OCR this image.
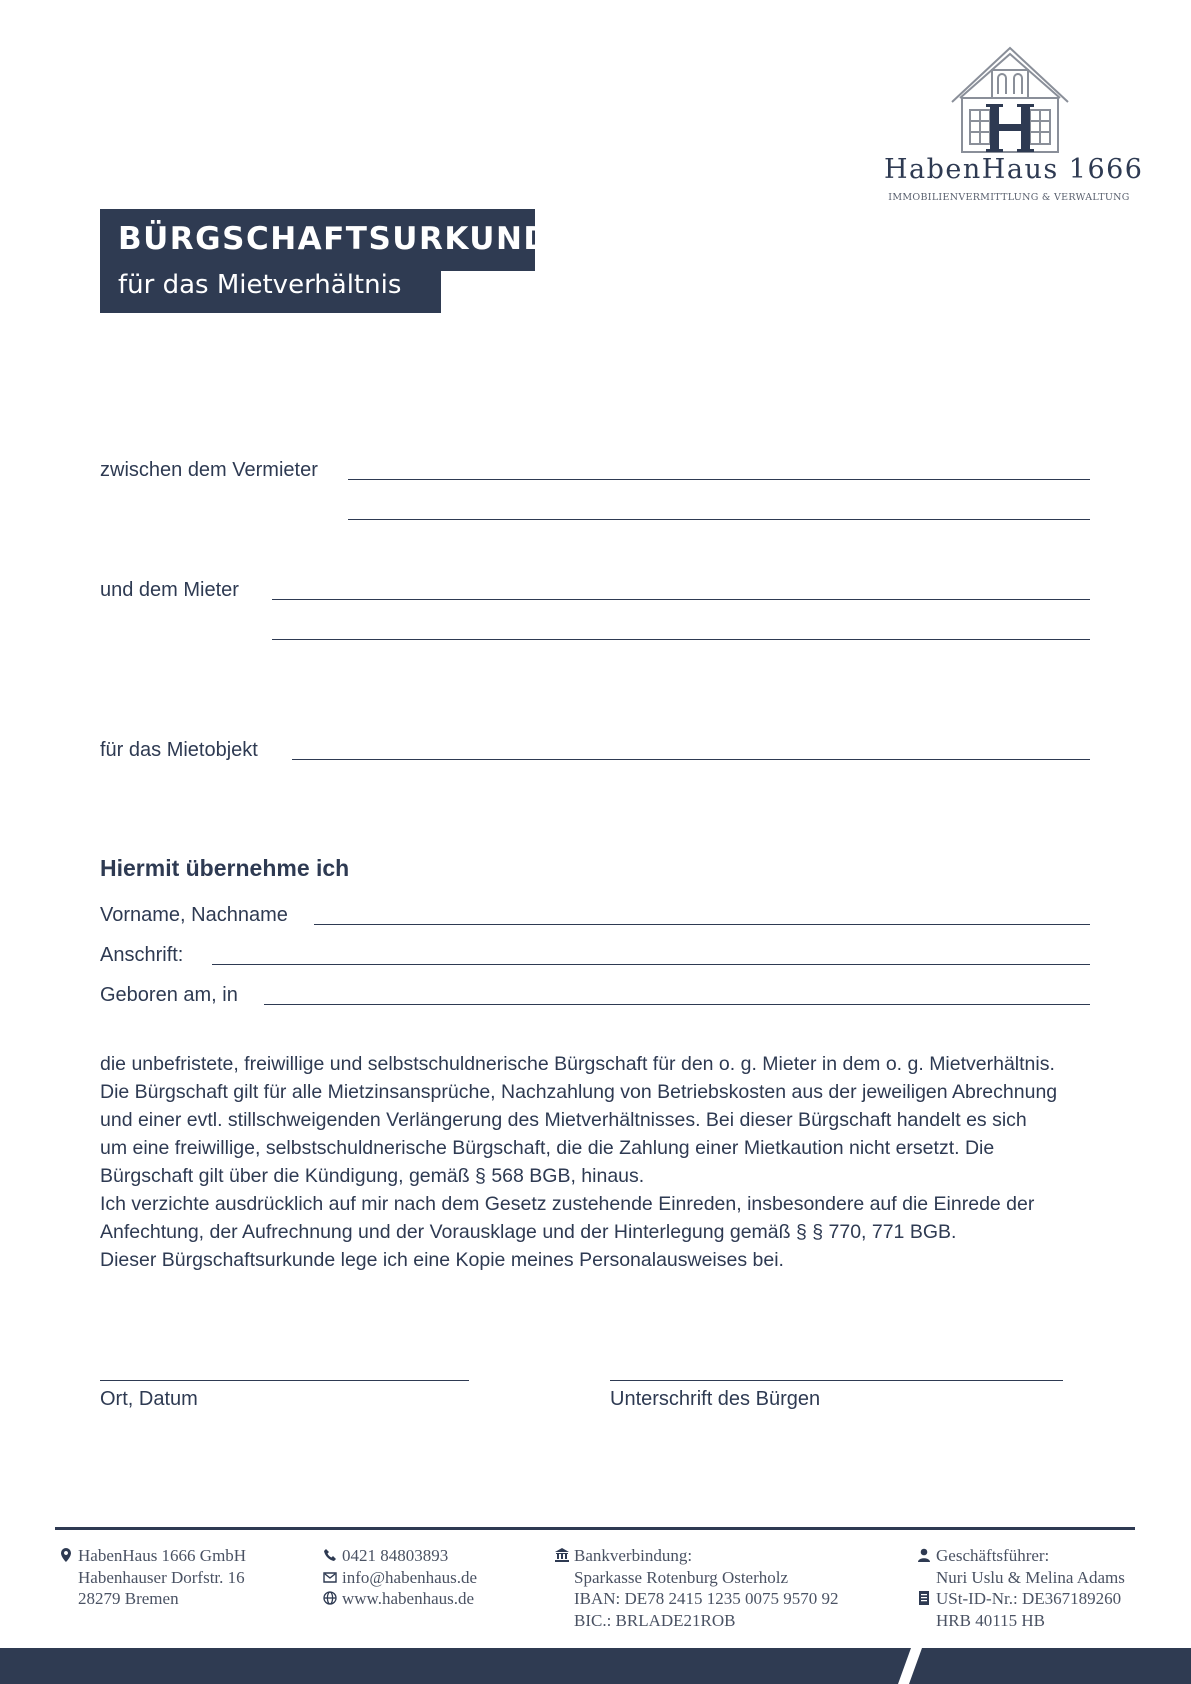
HabenHaus 1666
IMMOBILIENVERMITTLUNG & VERWALTUNG
BÜRGSCHAFTSURKUNDE
für das Mietverhältnis
zwischen dem Vermieter
und dem Mieter
für das Mietobjekt
Hiermit übernehme ich
Vorname, Nachname
Anschrift:
Geboren am, in

die unbefristete, freiwillige und selbstschuldnerische Bürgschaft für den o. g. Mieter in dem o. g. Mietverhältnis.

Die Bürgschaft gilt für alle Mietzinsansprüche, Nachzahlung von Betriebskosten aus der jeweiligen Abrechnung

und einer evtl. stillschweigenden Verlängerung des Mietverhältnisses. Bei dieser Bürgschaft handelt es sich

um eine freiwillige, selbstschuldnerische Bürgschaft, die die Zahlung einer Mietkaution nicht ersetzt. Die

Bürgschaft gilt über die Kündigung, gemäß § 568 BGB, hinaus.

Ich verzichte ausdrücklich auf mir nach dem Gesetz zustehende Einreden, insbesondere auf die Einrede der

Anfechtung, der Aufrechnung und der Vorausklage und der Hinterlegung gemäß § § 770, 771 BGB.

Dieser Bürgschaftsurkunde lege ich eine Kopie meines Personalausweises bei.

Ort, Datum	Unterschrift des Bürgen
HabenHaus 1666 GmbH
Habenhauser Dorfstr. 16
28279 Bremen
0421 84803893
info@habenhaus.de
www.habenhaus.de
Bankverbindung:
Sparkasse Rotenburg Osterholz
IBAN: DE78 2415 1235 0075 9570 92
BIC.: BRLADE21ROB
Geschäftsführer:
Nuri Uslu & Melina Adams
USt-ID-Nr.: DE367189260
HRB 40115 HB
